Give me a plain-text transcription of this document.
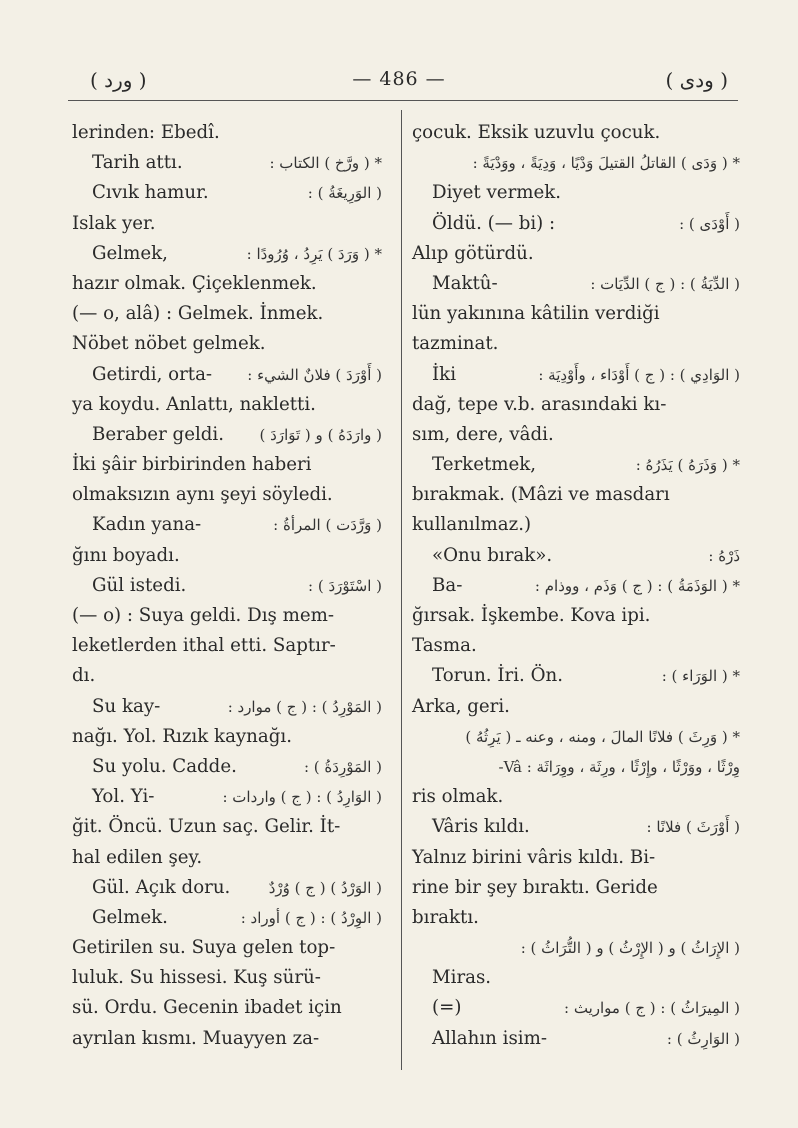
( ورد )	— 486 —	( ودى )
lerinden: Ebedî.
Tarih attı.	* ( ورَّخ ) الكتاب :
Cıvık hamur.	( الوَرِيغَةُ ) :
Islak yer.
Gelmek,	* ( وَرَدَ ) يَرِدُ ، وُرُودًا :
hazır olmak. Çiçeklenmek.
(— o, alâ) : Gelmek. İnmek.
Nöbet nöbet gelmek.
Getirdi, orta- ( أَوْرَدَ ) فلانٌ الشيء :
ya koydu. Anlattı, nakletti.
Beraber geldi. ( وارَدَهُ ) و ( تَوَارَدَ )
İki şâir birbirinden haberi
olmaksızın aynı şeyi söyledi.
Kadın yana-	( وَرَّدَت ) المرأةُ :
ğını boyadı.
Gül istedi.	( اسْتَوْرَدَ ) :
(— o) : Suya geldi. Dış mem-
leketlerden ithal etti. Saptır-
dı.
Su kay-	( المَوْرِدُ ) : ( ج ) موارد :
nağı. Yol. Rızık kaynağı.
Su yolu. Cadde.	( المَوْرِدَةُ ) :
Yol. Yi-	( الوَارِدُ ) : ( ج ) واردات :
ğit. Öncü. Uzun saç. Gelir. İt-
hal edilen şey.
Gül. Açık doru.	( الوَرْدُ ) ( ج ) وُرْدٌ
Gelmek.	( الوِرْدُ ) : ( ج ) أوراد :
Getirilen su. Suya gelen top-
luluk. Su hissesi. Kuş sürü-
sü. Ordu. Gecenin ibadet için
ayrılan kısmı. Muayyen za-
çocuk. Eksik uzuvlu çocuk.
* ( وَدَى ) القاتلُ القتيلَ وَدْيًا ، وَدِيَةً ، ووَدْيَةً :
Diyet vermek.
Öldü. (— bi) :	( أَوْدَى ) :
Alıp götürdü.
Maktû-	( الدِّيَةُ ) : ( ج ) الدِّيَات :
lün yakınına kâtilin verdiği
tazminat.
İki	( الوَادِي ) : ( ج ) أَوْدَاء ، وأَوْدِيَة :
dağ, tepe v.b. arasındaki kı-
sım, dere, vâdi.
Terketmek,	* ( وَذَرَهُ ) يَذَرُهُ :
bırakmak. (Mâzi ve masdarı
kullanılmaz.)
«Onu bırak».	ذَرْهُ :
Ba-	* ( الوَذَمَةُ ) : ( ج ) وَذَم ، ووذام :
ğırsak. İşkembe. Kova ipi.
Tasma.
Torun. İri. Ön.	* ( الوَرَاء ) :
Arka, geri.
* ( وَرِثَ ) فلانًا المالَ ، ومنه ، وعنه ـ ( يَرِثُهُ )
وِرْثًا ، ووَرْثًا ، وإِرْثًا ، ورِثَة ، ووِرَاثَة : Vâ-
ris olmak.
Vâris kıldı.	( أَوْرَثَ ) فلانًا :
Yalnız birini vâris kıldı. Bi-
rine bir şey bıraktı. Geride
bıraktı.
( الإِرَاثُ ) و ( الإِرْثُ ) و ( التُّرَاثُ ) :
Miras.
(=)	( المِيرَاثُ ) : ( ج ) مواريث :
Allahın isim-	( الوَارِثُ ) :
